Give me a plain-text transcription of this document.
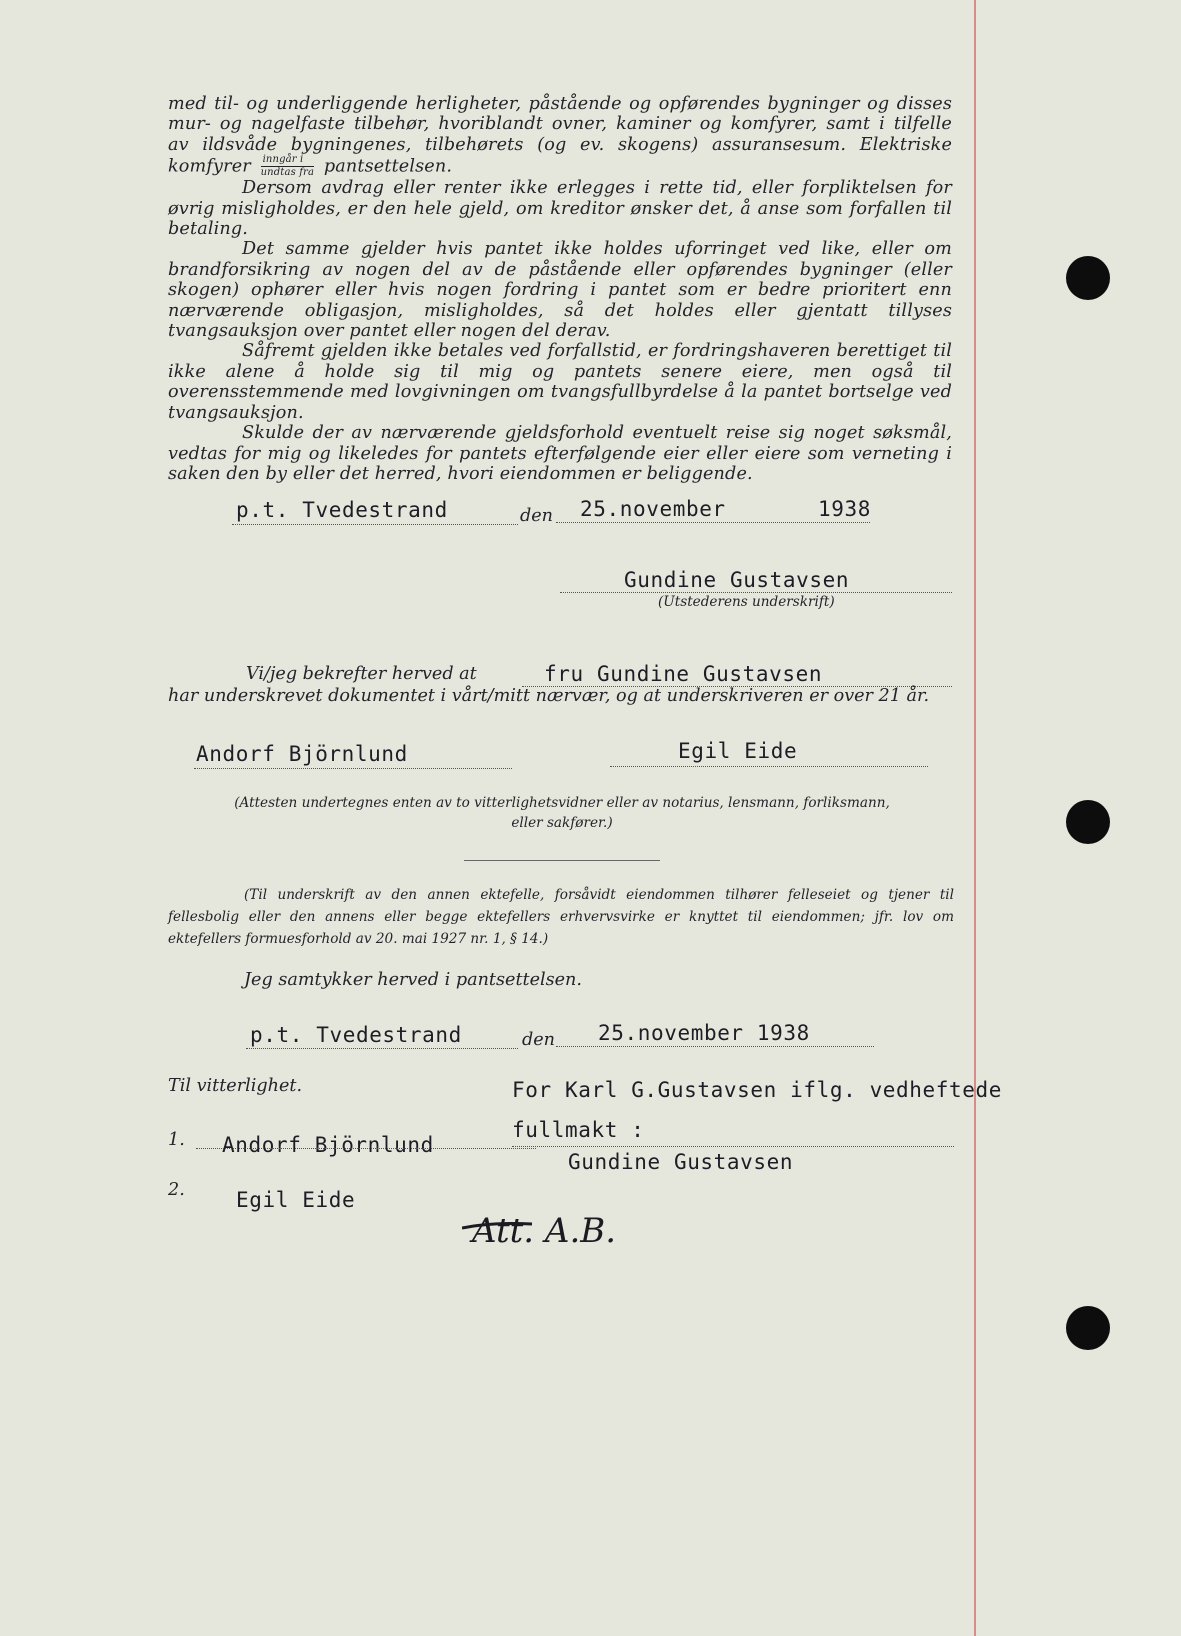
med til- og underliggende herligheter, påstående og opførendes bygninger og disses

mur- og nagelfaste tilbehør, hvoriblandt ovner, kaminer og komfyrer, samt i tilfelle

av ildsvåde bygningenes, tilbehørets (og ev. skogens) assuransesum. Elektriske

komfyrer $\frac{\text{inngår i}}{\text{undtas fra}}$ pantsettelsen.

Dersom avdrag eller renter ikke erlegges i rette tid, eller forpliktelsen for øvrig misligholdes, er den hele gjeld, om kreditor ønsker det, å anse som forfallen til betaling.

Det samme gjelder hvis pantet ikke holdes uforringet ved like, eller om brandforsikring av nogen del av de påstående eller opførendes bygninger (eller skogen) ophører eller hvis nogen fordring i pantet som er bedre prioritert enn nærværende obligasjon, misligholdes, så det holdes eller gjentatt tillyses tvangsauksjon over pantet eller nogen del derav.

Såfremt gjelden ikke betales ved forfallstid, er fordringshaveren berettiget til ikke alene å holde sig til mig og pantets senere eiere, men også til overensstemmende med lovgivningen om tvangsfullbyrdelse å la pantet bortselge ved tvangsauksjon.

Skulde der av nærværende gjeldsforhold eventuelt reise sig noget søksmål, vedtas for mig og likeledes for pantets efterfølgende eier eller eiere som verneting i saken den by eller det herred, hvori eiendommen er beliggende.

p.t. Tvedestrand	den 25.november	1938
Gundine Gustavsen
(Utstederens underskrift)
Vi/jeg bekrefter herved at	fru Gundine Gustavsen
har underskrevet dokumentet i vårt/mitt nærvær, og at underskriveren er over 21 år.
Andorf Björnlund	Egil Eide
(Attesten undertegnes enten av to vitterlighetsvidner eller av notarius, lensmann, forliksmann,
eller sakfører.)

(Til underskrift av den annen ektefelle, forsåvidt eiendommen tilhører felleseiet og tjener til fellesbolig eller den annens eller begge ektefellers erhvervsvirke er knyttet til eiendommen; jfr. lov om ektefellers formuesforhold av 20. mai 1927 nr. 1, § 14.)

Jeg samtykker herved i pantsettelsen.
p.t. Tvedestrand	den 25.november 1938
Til vitterlighet.	For Karl G.Gustavsen iflg. vedheftede
fullmakt :
Gundine Gustavsen
1. Andorf Björnlund
2. Egil Eide
Att. A.B.
